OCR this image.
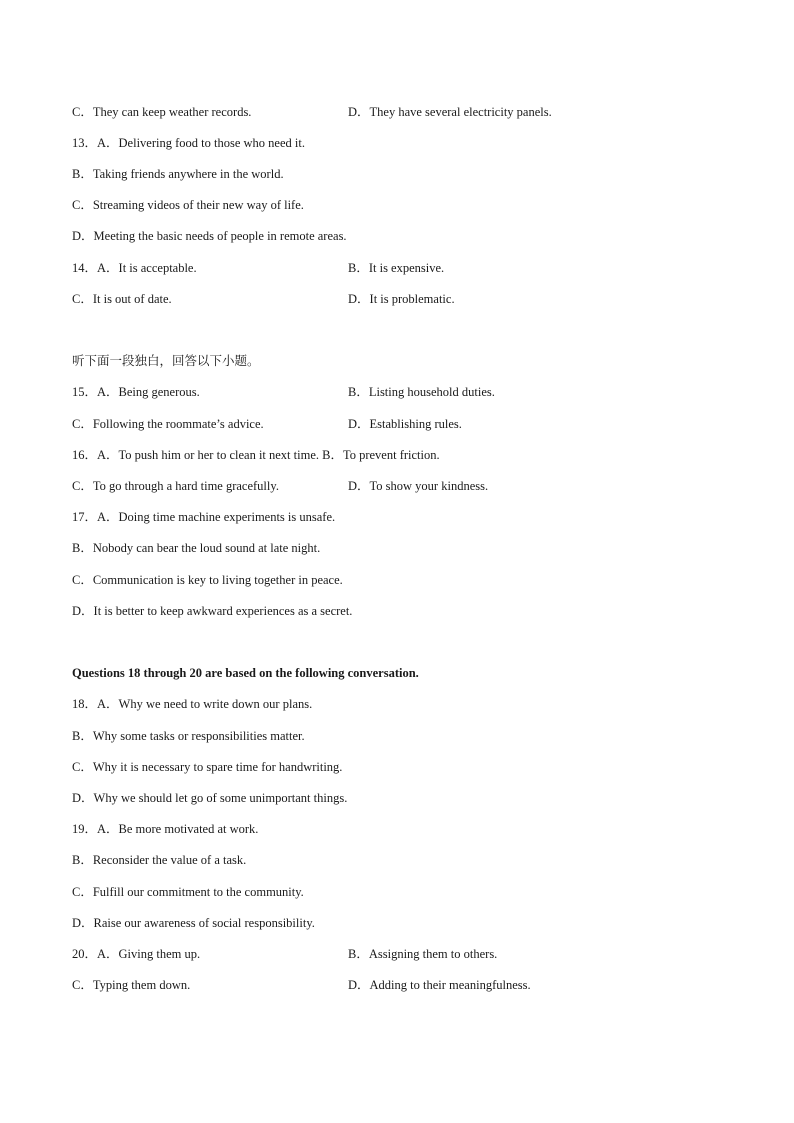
C．They can keep weather records.	D．They have several electricity panels.
13．A．Delivering food to those who need it.
B．Taking friends anywhere in the world.
C．Streaming videos of their new way of life.
D．Meeting the basic needs of people in remote areas.
14．A．It is acceptable.	B．It is expensive.
C．It is out of date.	D．It is problematic.
听下面一段独白，回答以下小题。
15．A．Being generous.	B．Listing household duties.
C．Following the roommate’s advice.	D．Establishing rules.
16．A．To push him or her to clean it next time. B．To prevent friction.
C．To go through a hard time gracefully.	D．To show your kindness.
17．A．Doing time machine experiments is unsafe.
B．Nobody can bear the loud sound at late night.
C．Communication is key to living together in peace.
D．It is better to keep awkward experiences as a secret.
Questions 18 through 20 are based on the following conversation.
18．A．Why we need to write down our plans.
B．Why some tasks or responsibilities matter.
C．Why it is necessary to spare time for handwriting.
D．Why we should let go of some unimportant things.
19．A．Be more motivated at work.
B．Reconsider the value of a task.
C．Fulfill our commitment to the community.
D．Raise our awareness of social responsibility.
20．A．Giving them up.	B．Assigning them to others.
C．Typing them down.	D．Adding to their meaningfulness.
